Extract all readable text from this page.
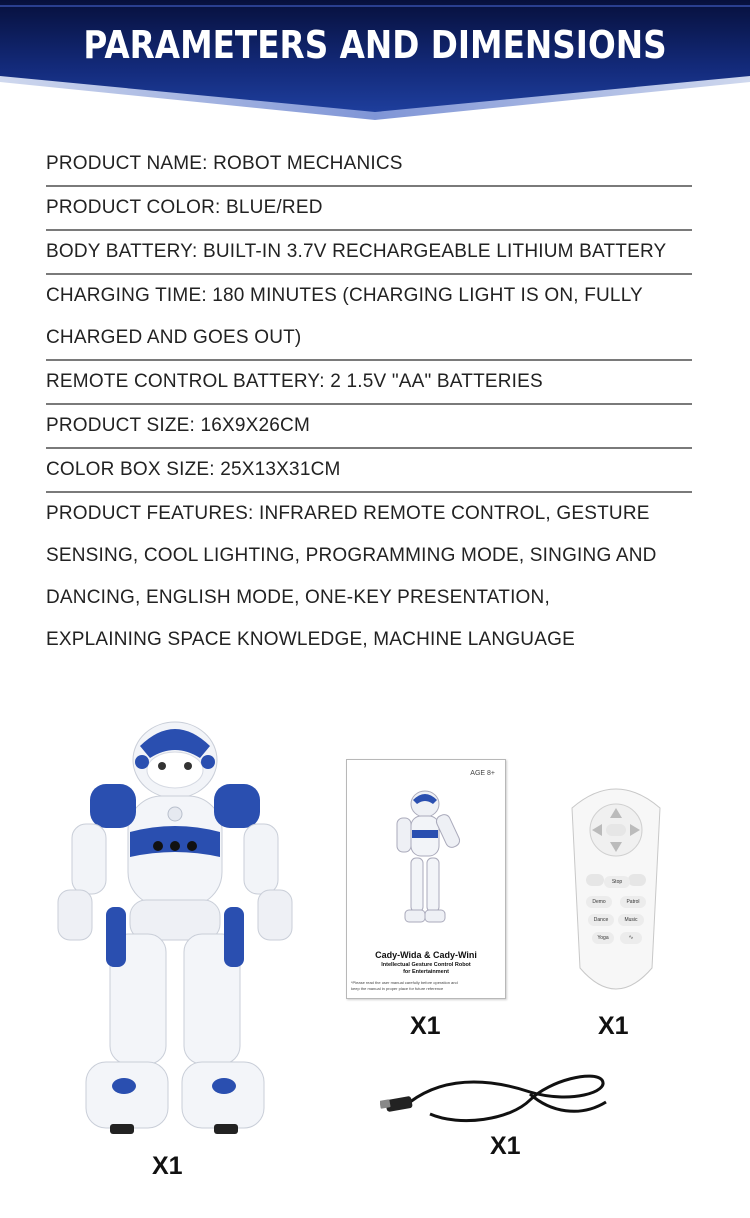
PARAMETERS AND DIMENSIONS
PRODUCT NAME: ROBOT MECHANICS
PRODUCT COLOR: BLUE/RED
BODY BATTERY: BUILT-IN 3.7V RECHARGEABLE LITHIUM BATTERY
CHARGING TIME: 180 MINUTES (CHARGING LIGHT IS ON, FULLY
CHARGED AND GOES OUT)
REMOTE CONTROL BATTERY: 2 1.5V "AA" BATTERIES
PRODUCT SIZE: 16X9X26CM
COLOR BOX SIZE: 25X13X31CM
PRODUCT FEATURES: INFRARED REMOTE CONTROL, GESTURE
SENSING, COOL LIGHTING, PROGRAMMING MODE, SINGING AND
DANCING, ENGLISH MODE, ONE-KEY PRESENTATION,
EXPLAINING SPACE KNOWLEDGE, MACHINE LANGUAGE
AGE 8+
Cady-Wida & Cady-Wini
Intellectual Gesture Control Robot
for Entertainment
*Please read the user manual carefully before operation and
keep the manual in proper place for future reference
Stop
Demo	Patrol
Dance	Music
Yoga	∿
X1
X1	X1
X1
